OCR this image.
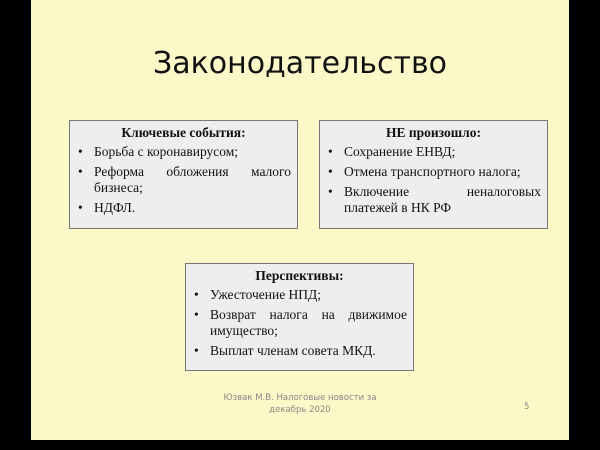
Законодательство
Ключевые события:
• Борьба с коронавирусом;
• Реформа обложения малого бизнеса;
• НДФЛ.
НЕ произошло:
• Сохранение ЕНВД;
• Отмена транспортного налога;
• Включение неналоговых платежей в НК РФ
Перспективы:
• Ужесточение НПД;
• Возврат налога на движимое имущество;
• Выплат членам совета МКД.
Юзвак М.В. Налоговые новости за
декабрь 2020	5
